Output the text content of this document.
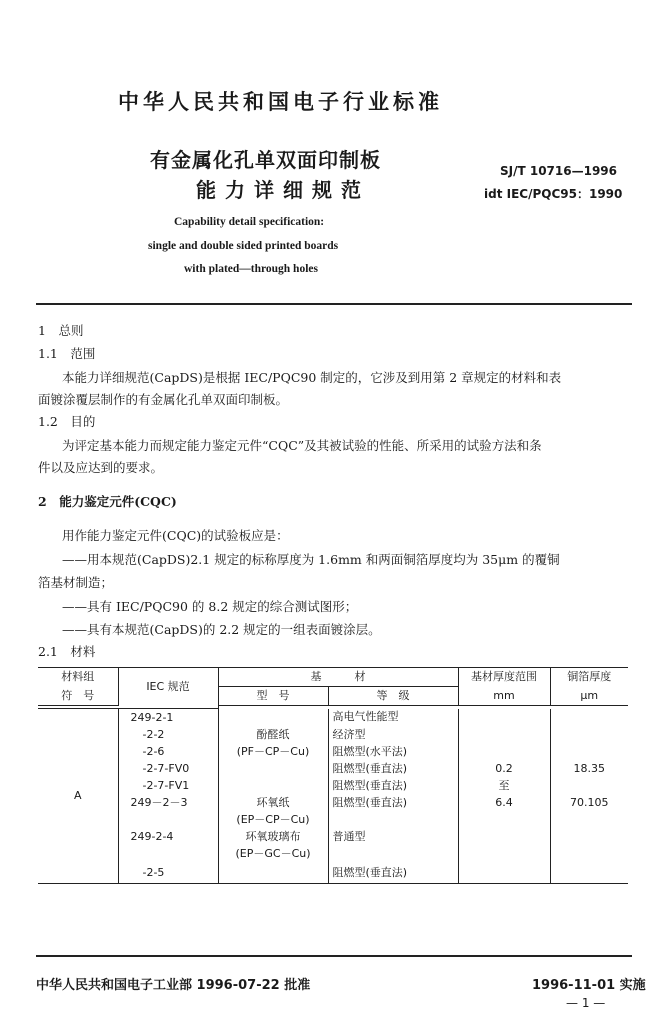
中华人民共和国电子行业标准
有金属化孔单双面印制板
能力详细规范
SJ/T 10716—1996
idt IEC/PQC95：1990
Capability detail specification:
single and double sided printed boards
with plated—through holes
1　总则
1.1　范围
本能力详细规范(CapDS)是根据 IEC/PQC90 制定的，它涉及到用第 2 章规定的材料和表
面镀涂覆层制作的有金属化孔单双面印制板。
1.2　目的
为评定基本能力而规定能力鉴定元件“CQC”及其被试验的性能、所采用的试验方法和条
件以及应达到的要求。
2　能力鉴定元件(CQC)
用作能力鉴定元件(CQC)的试验板应是：
——用本规范(CapDS)2.1 规定的标称厚度为 1.6mm 和两面铜箔厚度均为 35μm 的覆铜
箔基材制造；
——具有 IEC/PQC90 的 8.2 规定的综合测试图形；
——具有本规范(CapDS)的 2.2 规定的一组表面镀涂层。
2.1　材料
材料组	IEC 规范	基　　　材		基材厚度范围	铜箔厚度
符　号		型　号	等　级	mm	μm

A	249-2-1		高电气性能型		
	-2-2	酚醛纸	经济型		
	-2-6	(PF－CP－Cu)	阻燃型(水平法)		
	-2-7-FV0		阻燃型(垂直法)	0.2	18.35
	-2-7-FV1		阻燃型(垂直法)	至	
	249－2－3	环氧纸	阻燃型(垂直法)	6.4	70.105
		(EP－CP－Cu)			
	249-2-4	环氧玻璃布	普通型		
		(EP－GC－Cu)			
	-2-5		阻燃型(垂直法)		
中华人民共和国电子工业部 1996-07-22 批准	1996-11-01 实施
— 1 —
